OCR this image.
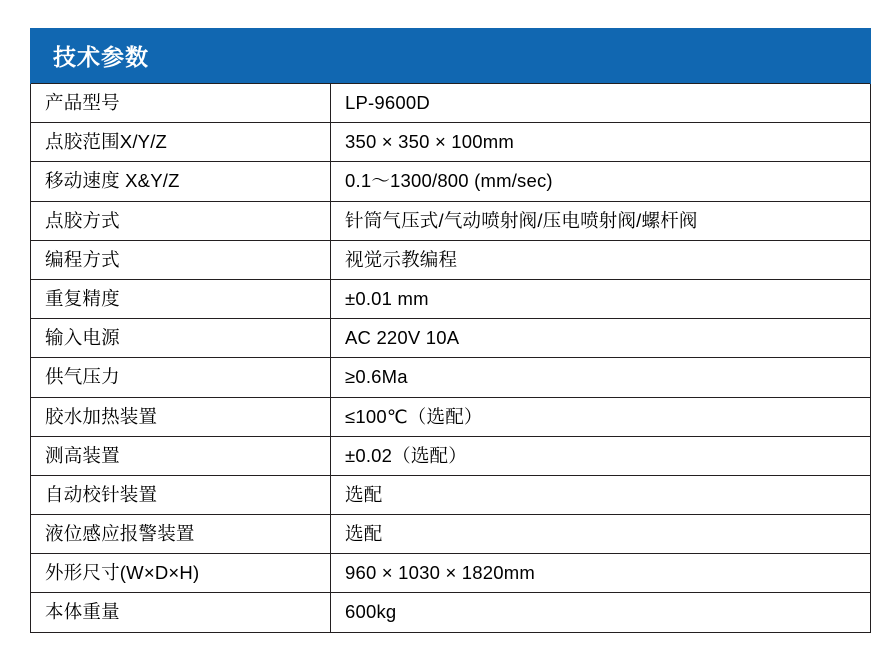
技术参数	
产品型号	LP-9600D
点胶范围X/Y/Z	350 × 350 × 100mm
移动速度 X&Y/Z	0.1～1300/800 (mm/sec)
点胶方式	针筒气压式/气动喷射阀/压电喷射阀/螺杆阀
编程方式	视觉示教编程
重复精度	±0.01 mm
输入电源	AC 220V 10A
供气压力	≥0.6Ma
胶水加热装置	≤100℃（选配）
测高装置	±0.02（选配）
自动校针装置	选配
液位感应报警装置	选配
外形尺寸(W×D×H)	960 × 1030 × 1820mm
本体重量	600kg
